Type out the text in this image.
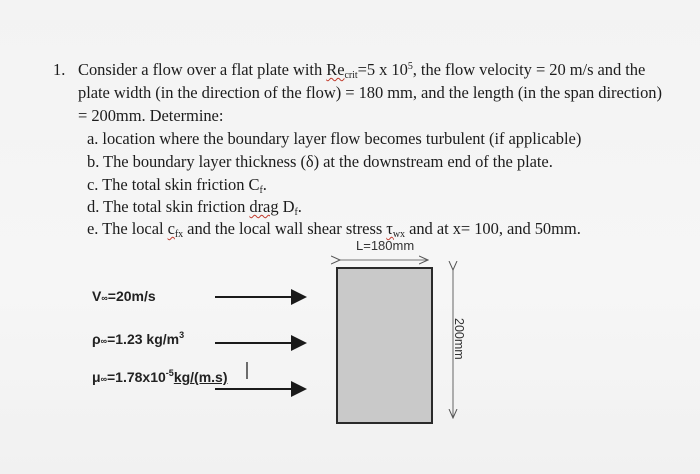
1. Consider a flow over a flat plate with $Re_{crit}=5$ x $10^5$, the flow velocity = 20 m/s and the
plate width (in the direction of the flow) = 180 mm, and the length (in the span direction)
= 200mm. Determine:
a. location where the boundary layer flow becomes turbulent (if applicable)
b. The boundary layer thickness (δ) at the downstream end of the plate.
c. The total skin friction $C_f$.
d. The total skin friction drag $D_f$.
e. The local $c_{fx}$ and the local wall shear stress $\tau_{wx}$ and at x= 100, and 50mm.
L=180mm
200mm
V∞=20m/s
ρ∞=1.23 $kg/m^3$
$\mu\infty=1.78x10^{-5}kg/(m.s)$
